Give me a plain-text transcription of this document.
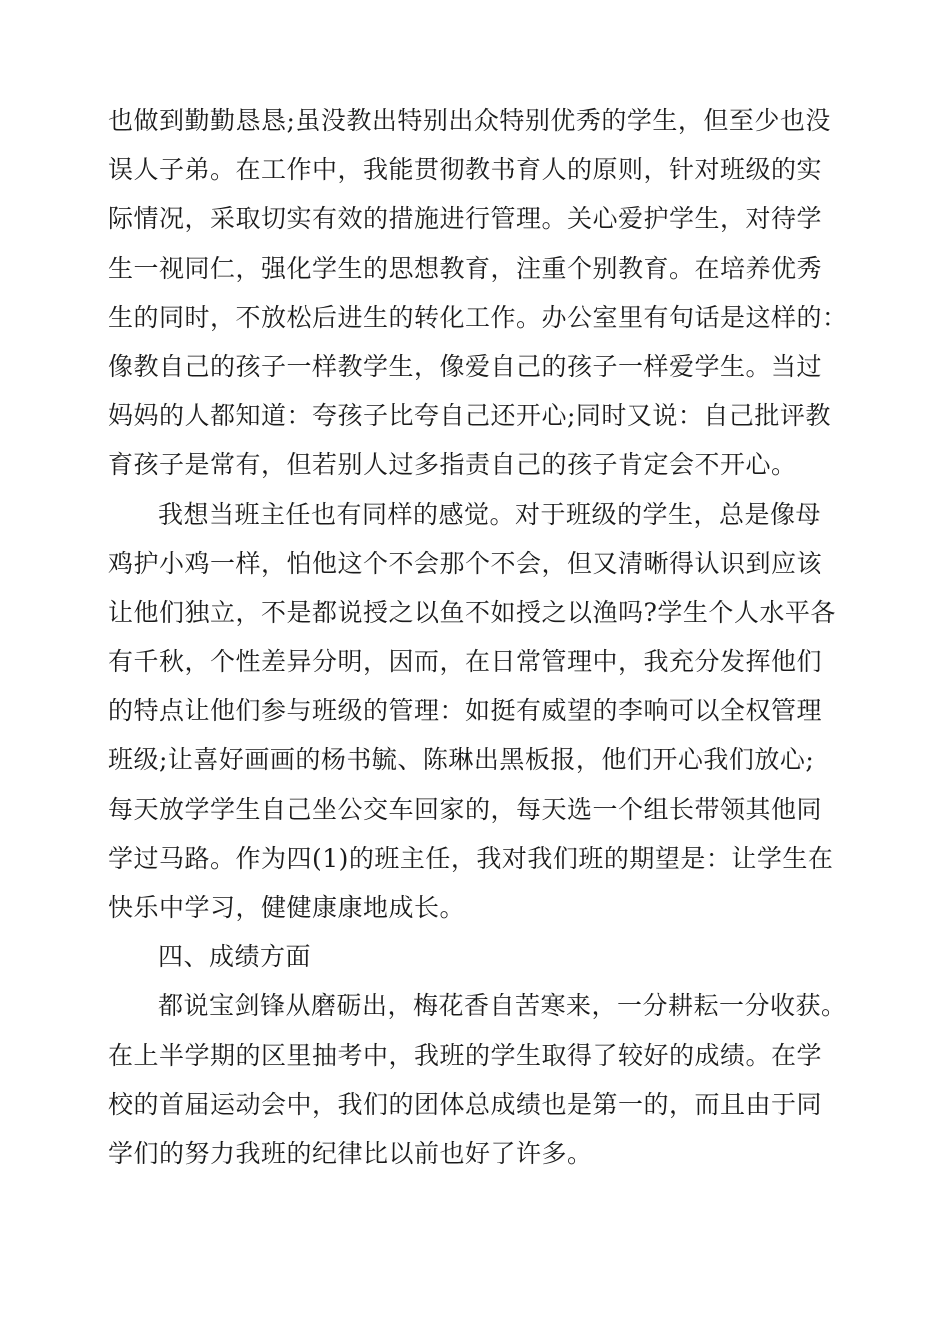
也做到勤勤恳恳;虽没教出特别出众特别优秀的学生，但至少也没
误人子弟。在工作中，我能贯彻教书育人的原则，针对班级的实
际情况，采取切实有效的措施进行管理。关心爱护学生，对待学
生一视同仁，强化学生的思想教育，注重个别教育。在培养优秀
生的同时，不放松后进生的转化工作。办公室里有句话是这样的：
像教自己的孩子一样教学生，像爱自己的孩子一样爱学生。当过
妈妈的人都知道：夸孩子比夸自己还开心;同时又说：自己批评教
育孩子是常有，但若别人过多指责自己的孩子肯定会不开心。
我想当班主任也有同样的感觉。对于班级的学生，总是像母
鸡护小鸡一样，怕他这个不会那个不会，但又清晰得认识到应该
让他们独立，不是都说授之以鱼不如授之以渔吗?学生个人水平各
有千秋，个性差异分明，因而，在日常管理中，我充分发挥他们
的特点让他们参与班级的管理：如挺有威望的李响可以全权管理
班级;让喜好画画的杨书毓、陈琳出黑板报，他们开心我们放心;
每天放学学生自己坐公交车回家的，每天选一个组长带领其他同
学过马路。作为四(1)的班主任，我对我们班的期望是：让学生在
快乐中学习，健健康康地成长。
四、成绩方面
都说宝剑锋从磨砺出，梅花香自苦寒来，一分耕耘一分收获。
在上半学期的区里抽考中，我班的学生取得了较好的成绩。在学
校的首届运动会中，我们的团体总成绩也是第一的，而且由于同
学们的努力我班的纪律比以前也好了许多。
